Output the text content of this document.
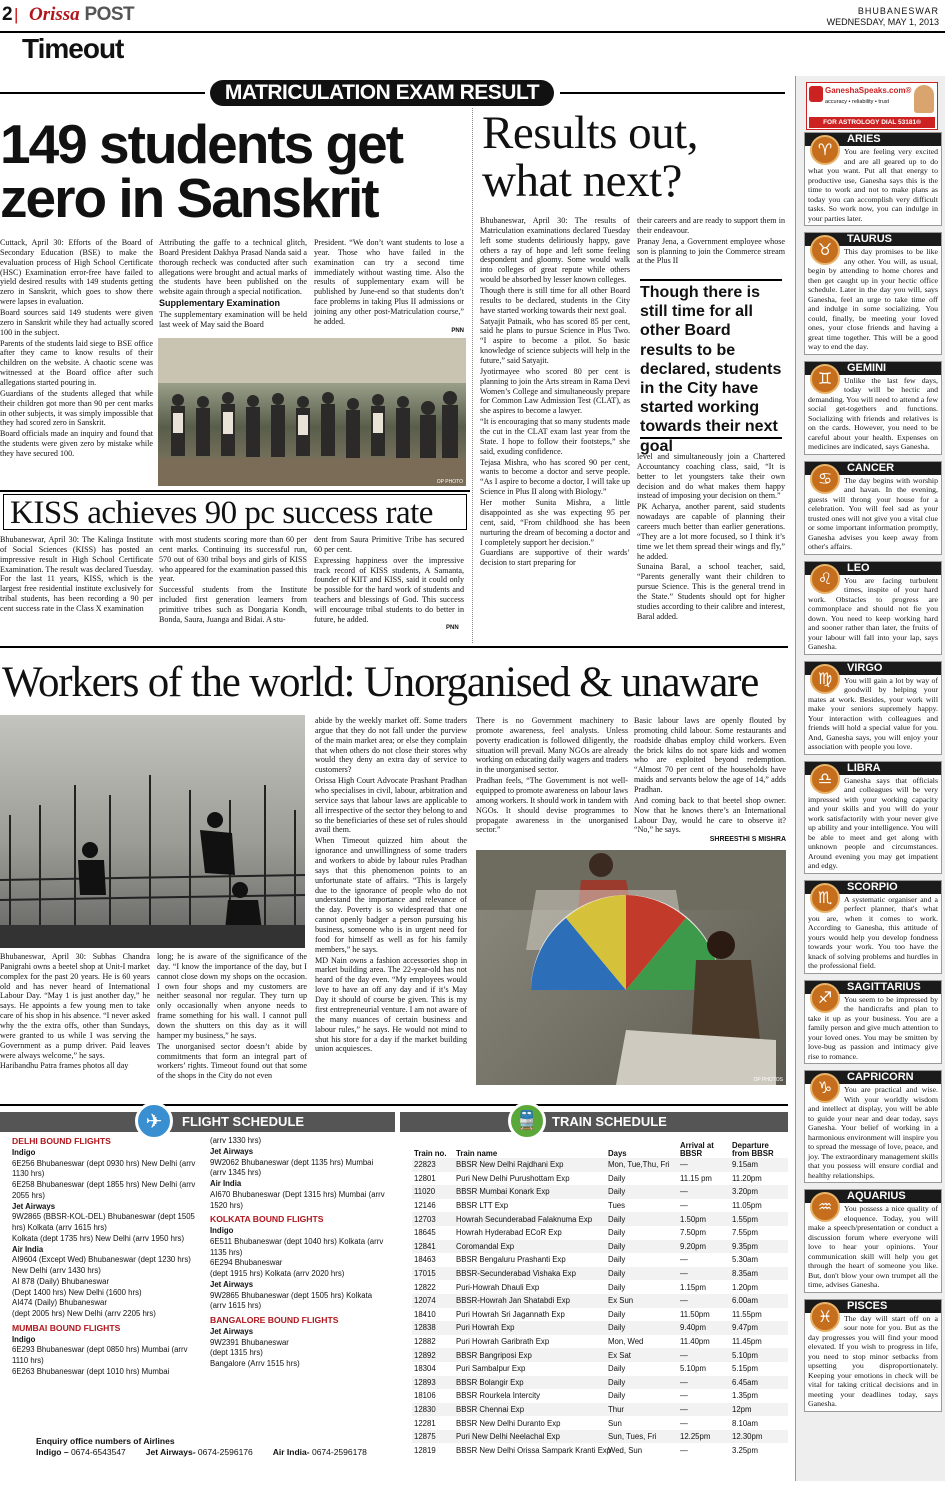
2 | Orissa POST	BHUBANESWAR
WEDNESDAY, MAY 1, 2013
Timeout
MATRICULATION EXAM RESULT
149 students get zero in Sanskrit

Cuttack, April 30: Efforts of the Board of Secondary Education (BSE) to make the evaluation process of High School Certificate (HSC) Examination error-free have failed to yield desired results with 149 students getting zero in Sanskrit, which goes to show there were lapses in evaluation.

Board sources said 149 students were given zero in Sanskrit while they had actually scored 100 in the subject.

Parents of the students laid siege to BSE office after they came to know results of their children on the website. A chaotic scene was witnessed at the Board office after such allegations started pouring in.

Guardians of the students alleged that while their children got more than 90 per cent marks in other subjects, it was simply impossible that they had scored zero in Sanskrit.

Board officials made an inquiry and found that the students were given zero by mistake while they have secured 100.

Attributing the gaffe to a technical glitch, Board President Dakhya Prasad Nanda said a thorough recheck was conducted after such allegations were brought and actual marks of the students have been published on the website again through a special notification.

Supplementary Examination

The supplementary examination will be held last week of May said the Board

President. “We don’t want students to lose a year. Those who have failed in the examination can try a second time immediately without wasting time. Also the results of supplementary exam will be published by June-end so that students don’t face problems in taking Plus II admissions or joining any other post-Matriculation course,” he added.

PNN

OP PHOTO
KISS achieves 90 pc success rate

Bhubaneswar, April 30: The Kalinga Institute of Social Sciences (KISS) has posted an impressive result in High School Certificate Examination. The result was declared Tuesday. For the last 11 years, KISS, which is the largest free residential institute exclusively for tribal students, has been recording a 90 per cent success rate in the Class X examination

with most students scoring more than 60 per cent marks. Continuing its successful run, 570 out of 630 tribal boys and girls of KISS who appeared for the examination passed this year.

Successful students from the Institute included first generation learners from primitive tribes such as Dongaria Kondh, Bonda, Saura, Juanga and Bidai. A stu-

dent from Saura Primitive Tribe has secured 60 per cent.

Expressing happiness over the impressive track record of KISS students, A Samanta, founder of KIIT and KISS, said it could only be possible for the hard work of students and teachers and blessings of God. This success will encourage tribal students to do better in future, he added.

PNN
Results out, what next?

Bhubaneswar, April 30: The results of Matriculation examinations declared Tuesday left some students deliriously happy, gave others a ray of hope and left some feeling despondent and gloomy. Some would walk into colleges of great repute while others would be absorbed by lesser known colleges.

Though there is still time for all other Board results to be declared, students in the City have started working towards their next goal.

Satyajit Patnaik, who has scored 85 per cent, said he plans to pursue Science in Plus Two. “I aspire to become a pilot. So basic knowledge of science subjects will help in the future,” said Satyajit.

Jyotirmayee who scored 80 per cent is planning to join the Arts stream in Rama Devi Women’s College and simultaneously prepare for Common Law Admission Test (CLAT), as she aspires to become a lawyer.

“It is encouraging that so many students made the cut in the CLAT exam last year from the State. I hope to follow their footsteps,” she said, exuding confidence.

Tejasa Mishra, who has scored 90 per cent, wants to become a doctor and serve people. “As I aspire to become a doctor, I will take up Science in Plus II along with Biology.”

Her mother Sunita Mishra, a little disappointed as she was expecting 95 per cent, said, “From childhood she has been nurturing the dream of becoming a doctor and I completely support her decision.”

Guardians are supportive of their wards’ decision to start preparing for

their careers and are ready to support them in their endeavour.

Pranay Jena, a Government employee whose son is planning to join the Commerce stream at the Plus II

Though there is still time for all other Board results to be declared, students in the City have started working towards their next goal

level and simultaneously join a Chartered Accountancy coaching class, said, “It is better to let youngsters take their own decision and do what makes them happy instead of imposing your decision on them.”

PK Acharya, another parent, said students nowadays are capable of planning their careers much better than earlier generations. “They are a lot more focused, so I think it’s time we let them spread their wings and fly,” he added.

Sunaina Baral, a school teacher, said, “Parents generally want their children to pursue Science. This is the general trend in the State.” Students should opt for higher studies according to their calibre and interest, Baral added.

Workers of the world: Unorganised & unaware

Bhubaneswar, April 30: Subhas Chandra Panigrahi owns a beetel shop at Unit-I market complex for the past 20 years. He is 60 years old and has never heard of International Labour Day. “May 1 is just another day,” he says. He appoints a few young men to take care of his shop in his absence. “I never asked why the the extra offs, other than Sundays, were granted to us while I was serving the Government as a pump driver. Paid leaves were always welcome,” he says.

Haribandhu Patra frames photos all day

long; he is aware of the significance of the day. “I know the importance of the day, but I cannot close down my shops on the occasion. I own four shops and my customers are neither seasonal nor regular. They turn up only occasionally when anyone needs to frame something for his wall. I cannot pull down the shutters on this day as it will hamper my business,” he says.

The unorganised sector doesn’t abide by commitments that form an integral part of workers’ rights. Timeout found out that some of the shops in the City do not even

abide by the weekly market off. Some traders argue that they do not fall under the purview of the main market area; or else they complain that when others do not close their stores why would they deny an extra day of service to customers?

Orissa High Court Advocate Prashant Pradhan who specialises in civil, labour, arbitration and service says that labour laws are applicable to all irrespective of the sector they belong to and so the beneficiaries of these set of rules should avail them.

When Timeout quizzed him about the ignorance and unwillingness of some traders and workers to abide by labour rules Pradhan says that this phenomenon points to an unfortunate state of affairs. “This is largely due to the ignorance of people who do not understand the importance and relevance of the day. Poverty is so widespread that one cannot openly badger a person pursuing his business, someone who is in urgent need for food for himself as well as for his family members,” he says.

MD Nain owns a fashion accessories shop in market building area. The 22-year-old has not heard of the day even. “My employees would love to have an off any day and if it’s May Day it should of course be given. This is my first entrepreneurial venture. I am not aware of the many nuances of certain business and labour rules,” he says. He would not mind to shut his store for a day if the market building union acquiesces.

There is no Government machinery to promote awareness, feel analysts. Unless poverty eradication is followed diligently, the situation will prevail. Many NGOs are already working on educating daily wagers and traders in the unorganised sector.

Pradhan feels, “The Government is not well-equipped to promote awareness on labour laws among workers. It should work in tandem with NGOs. It should devise programmes to propagate awareness in the unorganised sector.”

Basic labour laws are openly flouted by promoting child labour. Some restaurants and roadside dhabas employ child workers. Even the brick kilns do not spare kids and women who are exploited beyond redemption. “Almost 70 per cent of the households have maids and servants below the age of 14,” adds Pradhan.

And coming back to that beetel shop owner. Now that he knows there’s an International Labour Day, would he care to observe it? “No,” he says.

SHREESTHI S MISHRA

OP PHOTOS
GaneshaSpeaks.com®
accuracy • reliability • trust
FOR ASTROLOGY DIAL 53181®
ARIES
♈	You are feeling very excited and are all geared up to do what you want. Put all that energy to productive use, Ganesha says this is the time to work and not to make plans as today you can accomplish very difficult tasks. So work now, you can indulge in your parties later.
TAURUS
♉	This day promises to be like any other. You will, as usual, begin by attending to home chores and then get caught up in your hectic office schedule. Later in the day you will, says Ganesha, feel an urge to take time off and indulge in some socializing. You could, finally, be meeting your loved ones, your close friends and having a great time together. This will be a good way to end the day.
GEMINI
♊	Unlike the last few days, today will be hectic and demanding. You will need to attend a few social get-togethers and functions. Socializing with friends and relatives is on the cards. However, you need to be careful about your health. Expenses on medicines are indicated, says Ganesha.
CANCER
♋	The day begins with worship and havan. In the evening, guests will throng your house for a celebration. You will feel sad as your trusted ones will not give you a vital clue or some important information promptly, Ganesha advises you keep away from other's affairs.
LEO
♌	You are facing turbulent times, inspite of your hard work. Obstacles to progress are commonplace and should not fie you down. You need to keep working hard and sooner rather than later, the fruits of your labour will fall into your lap, says Ganesha.
VIRGO
♍	You will gain a lot by way of goodwill by helping your mates at work. Besides, your work will make your seniors supremely happy. Your interaction with colleagues and friends will hold a special value for you. And, Ganesha says, you will enjoy your association with people you love.
LIBRA
♎	Ganesha says that officials and colleagues will be very impressed with your working capacity and your skills and you will do your work satisfactorily with your never give up ability and your intelligence. You will be able to meet and get along with unknown people and circumstances. Around evening you may get impatient and edgy.
SCORPIO
♏	A systematic organiser and a perfect planner, that's what you are, when it comes to work. According to Ganesha, this attitude of yours would help you develop fondness towards your work. You too have the knack of solving problems and hurdles in the professional field.
SAGITTARIUS
♐	You seem to be impressed by the handicrafts and plan to take it up as your business. You are a family person and give much attention to your loved ones. You may be smitten by love-bug as passion and intimacy give rise to romance.
CAPRICORN
♑	You are practical and wise. With your worldly wisdom and intellect at display, you will be able to guide your near and dear today, says Ganesha. Your belief of working in a harmonious environment will inspire you to spread the message of love, peace, and joy. The extraordinary management skills that you possess will ensure cordial and healthy relationships.
AQUARIUS
♒	You possess a nice quality of eloquence. Today, you will make a speech/presentation or conduct a discussion forum where everyone will love to hear your opinions. Your communication skill will help you get through the heart of someone you like. But, don't blow your own trumpet all the time, advises Ganesha.
PISCES
♓	The day will start off on a sour note for you. But as the day progresses you will find your mood elevated. If you wish to progress in life, you need to stop minor setbacks from upsetting you disproportionately. Keeping your emotions in check will be vital for taking critical decisions and in meeting your deadlines today, says Ganesha.
✈	FLIGHT SCHEDULE
DELHI BOUND FLIGHTS
Indigo
6E256 Bhubaneswar (dept 0930 hrs) New Delhi (arrv 1130 hrs)
6E258 Bhubaneswar (dept 1855 hrs) New Delhi (arrv 2055 hrs)
Jet Airways
9W2865 (BBSR-KOL-DEL) Bhubaneswar (dept 1505 hrs) Kolkata (arrv 1615 hrs)
Kolkata (dept 1735 hrs) New Delhi (arrv 1950 hrs)
Air India
AI9604 (Except Wed) Bhubaneswar (dept 1230 hrs) New Delhi (arrv 1430 hrs)
AI 878 (Daily) Bhubaneswar
(Dept 1400 hrs) New Delhi (1600 hrs)
AI474 (Daily) Bhubaneswar
(dept 2005 hrs) New Delhi (arrv 2205 hrs)
MUMBAI BOUND FLIGHTS
Indigo
6E293 Bhubaneswar (dept 0850 hrs) Mumbai (arrv 1110 hrs)
6E263 Bhubaneswar (dept 1010 hrs) Mumbai
(arrv 1330 hrs)
Jet Airways
9W2062 Bhubaneswar (dept 1135 hrs) Mumbai (arrv 1345 hrs)
Air India
AI670 Bhubaneswar (Dept 1315 hrs) Mumbai (arrv 1520 hrs)
KOLKATA BOUND FLIGHTS
Indigo
6E511 Bhubaneswar (dept 1040 hrs) Kolkata (arrv 1135 hrs)
6E294 Bhubaneswar
(dept 1915 hrs) Kolkata (arrv 2020 hrs)
Jet Airways
9W2865 Bhubaneswar (dept 1505 hrs) Kolkata (arrv 1615 hrs)
BANGALORE BOUND FLIGHTS
Jet Airways
9W2391 Bhubaneswar
(dept 1315 hrs)
Bangalore (Arrv 1515 hrs)
Enquiry office numbers of Airlines
Indigo – 0674-6543547 Jet Airways- 0674-2596176 Air India- 0674-2596178
🚆	TRAIN SCHEDULE
Train no.	Train name	Days	Arrival at BBSR	Departure from BBSR
22823	BBSR New Delhi Rajdhani Exp	Mon, Tue,Thu, Fri	—	9.15am
12801	Puri New Delhi Purushottam Exp	Daily	11.15 pm	11.20pm
11020	BBSR Mumbai Konark Exp	Daily	—	3.20pm
12146	BBSR LTT Exp	Tues	—	11.05pm
12703	Howrah Secunderabad Falaknuma Exp	Daily	1.50pm	1.55pm
18645	Howrah Hyderabad ECoR Exp	Daily	7.50pm	7.55pm
12841	Coromandal Exp	Daily	9.20pm	9.35pm
18463	BBSR Bengaluru Prashanti Exp	Daily	—	5.30am
17015	BBSR-Secunderabad Vishaka Exp	Daily	—	8.35am
12822	Puri-Howrah Dhauli Exp	Daily	1.15pm	1.20pm
12074	BBSR-Howrah Jan Shatabdi Exp	Ex Sun	—	6.00am
18410	Puri Howrah Sri Jagannath Exp	Daily	11.50pm	11.55pm
12838	Puri Howrah Exp	Daily	9.40pm	9.47pm
12882	Puri Howrah Garibrath Exp	Mon, Wed	11.40pm	11.45pm
12892	BBSR Bangriposi Exp	Ex Sat	—	5.10pm
18304	Puri Sambalpur Exp	Daily	5.10pm	5.15pm
12893	BBSR Bolangir Exp	Daily	—	6.45am
18106	BBSR Rourkela Intercity	Daily	—	1.35pm
12830	BBSR Chennai Exp	Thur	—	12pm
12281	BBSR New Delhi Duranto Exp	Sun	—	8.10am
12875	Puri New Delhi Neelachal Exp	Sun, Tues, Fri	12.25pm	12.30pm
12819	BBSR New Delhi Orissa Sampark Kranti Exp	Wed, Sun	—	3.25pm
